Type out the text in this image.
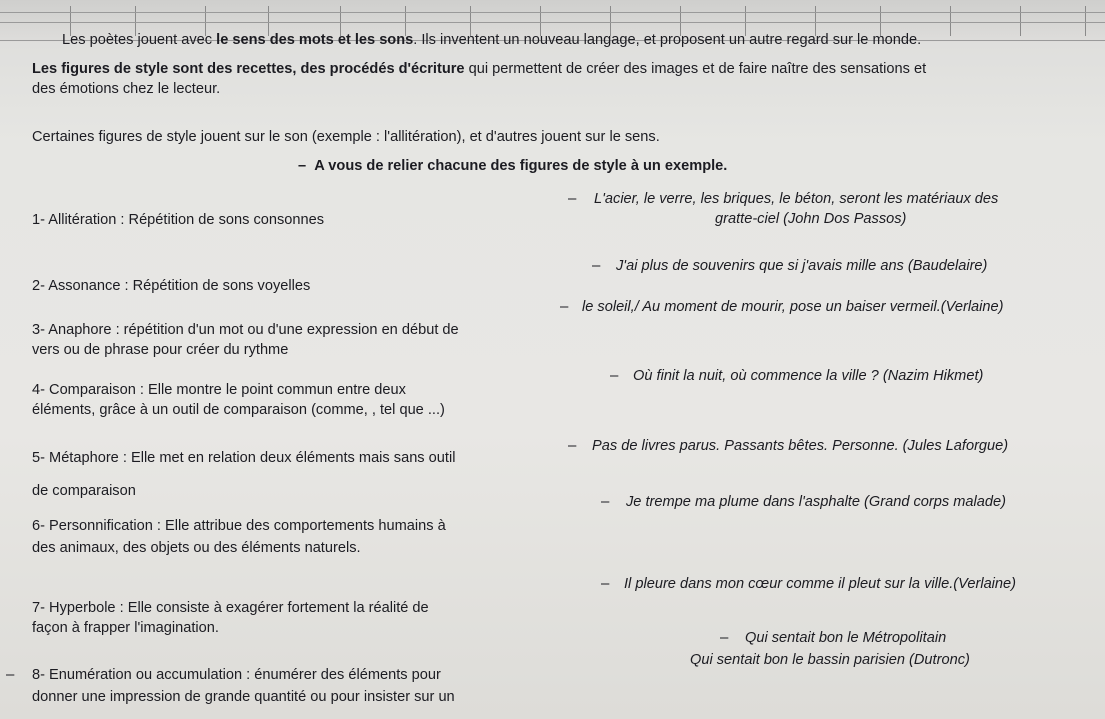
Les poètes jouent avec le sens des mots et les sons. Ils inventent un nouveau langage, et proposent un autre regard sur le monde.
Les figures de style sont des recettes, des procédés d'écriture qui permettent de créer des images et de faire naître des sensations et
des émotions chez le lecteur.
Certaines figures de style jouent sur le son (exemple : l'allitération), et d'autres jouent sur le sens.
– A vous de relier chacune des figures de style à un exemple.
1- Allitération : Répétition de sons consonnes
2- Assonance : Répétition de sons voyelles
3- Anaphore : répétition d'un mot ou d'une expression en début de
vers ou de phrase pour créer du rythme
4- Comparaison : Elle montre le point commun entre deux
éléments, grâce à un outil de comparaison (comme, , tel que ...)
5- Métaphore : Elle met en relation deux éléments mais sans outil
de comparaison
6- Personnification : Elle attribue des comportements humains à
des animaux, des objets ou des éléments naturels.
7- Hyperbole : Elle consiste à exagérer fortement la réalité de
façon à frapper l'imagination.
– 8- Enumération ou accumulation : énumérer des éléments pour
donner une impression de grande quantité ou pour insister sur un
– L'acier, le verre, les briques, le béton, seront les matériaux des
gratte-ciel (John Dos Passos)
– J'ai plus de souvenirs que si j'avais mille ans (Baudelaire)
– le soleil,/ Au moment de mourir, pose un baiser vermeil.(Verlaine)
– Où finit la nuit, où commence la ville ? (Nazim Hikmet)
– Pas de livres parus. Passants bêtes. Personne. (Jules Laforgue)
– Je trempe ma plume dans l'asphalte (Grand corps malade)
– Il pleure dans mon cœur comme il pleut sur la ville.(Verlaine)
– Qui sentait bon le Métropolitain
Qui sentait bon le bassin parisien (Dutronc)
